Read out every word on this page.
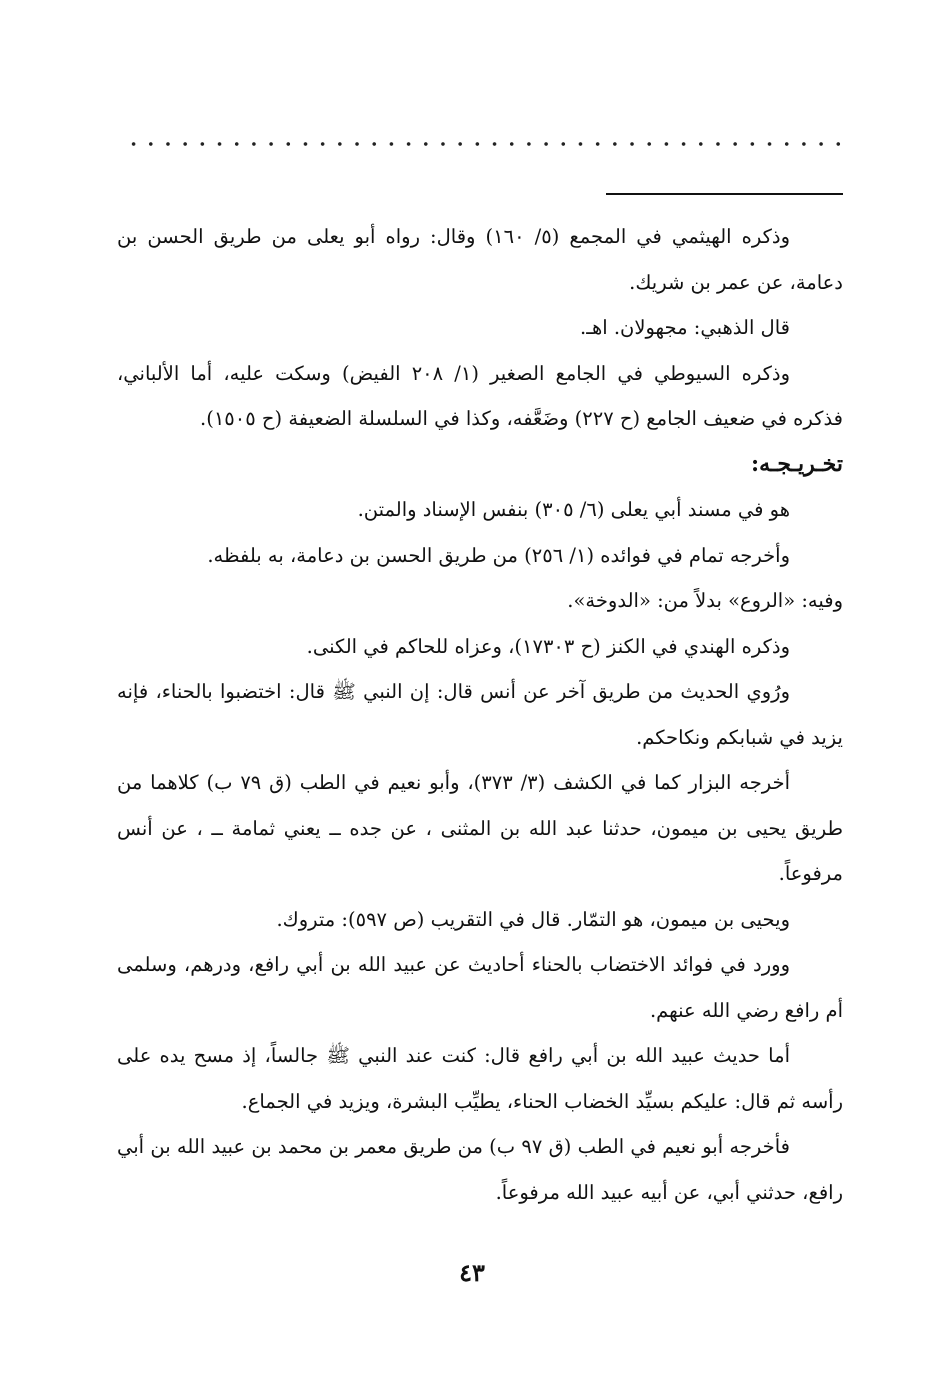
وذكره الهيثمي في المجمع (٥/ ١٦٠) وقال: رواه أبو يعلى من طريق الحسن بن دعامة، عن عمر بن شريك.

قال الذهبي: مجهولان. اهـ.

وذكره السيوطي في الجامع الصغير (١/ ٢٠٨ الفيض) وسكت عليه، أما الألباني، فذكره في ضعيف الجامع (ح ٢٢٧) وضَعَّفه، وكذا في السلسلة الضعيفة (ح ١٥٠٥).

تخـريـجـه:

هو في مسند أبي يعلى (٦/ ٣٠٥) بنفس الإسناد والمتن.

وأخرجه تمام في فوائده (١/ ٢٥٦) من طريق الحسن بن دعامة، به بلفظه.

وفيه: «الروع» بدلاً من: «الدوخة».

وذكره الهندي في الكنز (ح ١٧٣٠٣)، وعزاه للحاكم في الكنى.

ورُوي الحديث من طريق آخر عن أنس قال: إن النبي ﷺ قال: اختضبوا بالحناء، فإنه يزيد في شبابكم ونكاحكم.

أخرجه البزار كما في الكشف (٣/ ٣٧٣)، وأبو نعيم في الطب (ق ٧٩ ب) كلاهما من طريق يحيى بن ميمون، حدثنا عبد الله بن المثنى ، عن جده ــ يعني ثمامة ــ ، عن أنس مرفوعاً.

ويحيى بن ميمون، هو التمّار. قال في التقريب (ص ٥٩٧): متروك.

وورد في فوائد الاختضاب بالحناء أحاديث عن عبيد الله بن أبي رافع، ودرهم، وسلمى أم رافع رضي الله عنهم.

أما حديث عبيد الله بن أبي رافع قال: كنت عند النبي ﷺ جالساً، إذ مسح يده على رأسه ثم قال: عليكم بسيِّد الخضاب الحناء، يطيِّب البشرة، ويزيد في الجماع.

فأخرجه أبو نعيم في الطب (ق ٩٧ ب) من طريق معمر بن محمد بن عبيد الله بن أبي رافع، حدثني أبي، عن أبيه عبيد الله مرفوعاً.

٤٣
